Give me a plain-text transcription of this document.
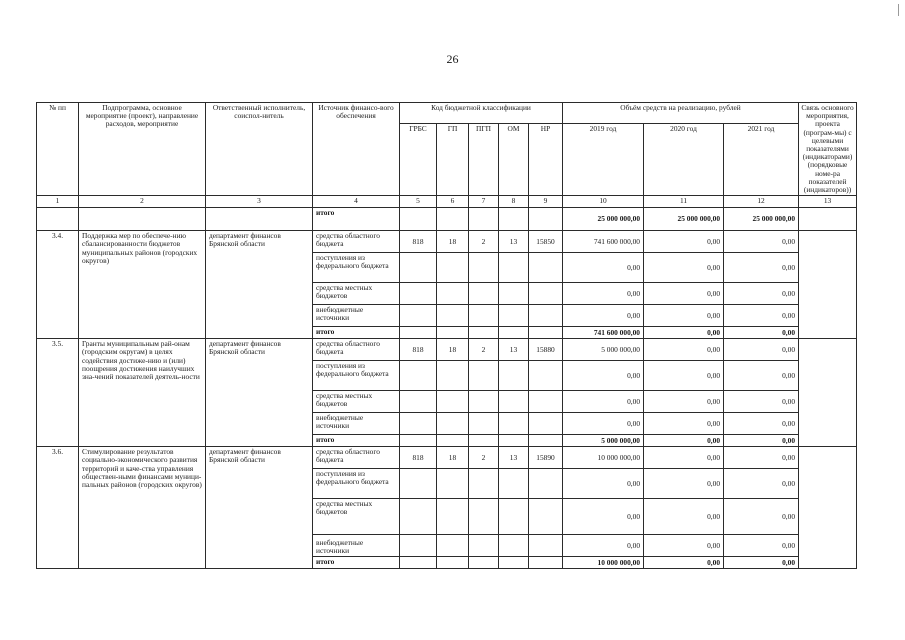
26
№ пп	Подпрограмма, основное мероприятие (проект), направление расходов, мероприятие	Ответственный исполнитель, соиспол-нитель	Источник финансо-вого обеспечения	Код бюджетной классификации					Объём средств на реализацию, рублей			Связь основного мероприятия, проекта (програм-мы) с целевыми показателями (индикаторами) (порядковые номе-ра показателей (индикаторов))
				ГРБС	ГП	ПГП	ОМ	НР	2019 год	2020 год	2021 год	
1	2	3	4	5	6	7	8	9	10	11	12	13
			итого						25 000 000,00	25 000 000,00	25 000 000,00	
3.4.	Поддержка мер по обеспече-нию сбалансированности бюджетов муниципальных районов (городских округов)	департамент финансов Брянской области	средства областного бюджета	818	18	2	13	15850	741 600 000,00	0,00	0,00	
			поступления из федерального бюджета						0,00	0,00	0,00	
			средства местных бюджетов						0,00	0,00	0,00	
			внебюджетные источники						0,00	0,00	0,00	
			итого						741 600 000,00	0,00	0,00	
3.5.	Гранты муниципальным рай-онам (городским округам) в целях содействия достиже-нию и (или) поощрения достижения наилучших зна-чений показателей деятель-ности	департамент финансов Брянской области	средства областного бюджета	818	18	2	13	15880	5 000 000,00	0,00	0,00	
			поступления из федерального бюджета						0,00	0,00	0,00	
			средства местных бюджетов						0,00	0,00	0,00	
			внебюджетные источники						0,00	0,00	0,00	
			итого						5 000 000,00	0,00	0,00	
3.6.	Стимулирование результатов социально-экономического развития территорий и каче-ства управления обществен-ными финансами муници-пальных районов (городских округов)	департамент финансов Брянской области	средства областного бюджета	818	18	2	13	15890	10 000 000,00	0,00	0,00	
			поступления из федерального бюджета						0,00	0,00	0,00	
			средства местных бюджетов						0,00	0,00	0,00	
			внебюджетные источники						0,00	0,00	0,00	
			итого						10 000 000,00	0,00	0,00	
